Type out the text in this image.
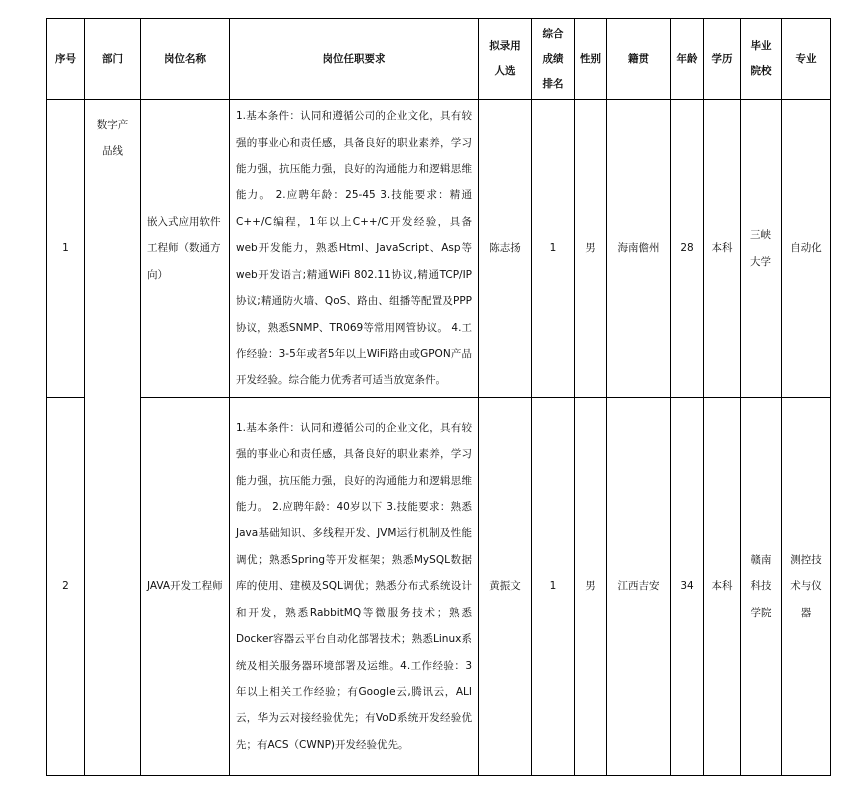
序号	部门	岗位名称	岗位任职要求	拟录用人选	综合成绩排名	性别	籍贯	年龄	学历	毕业院校	专业
1	数字产品线	嵌入式应用软件工程师（数通方向）	1.基本条件：认同和遵循公司的企业文化，具有较强的事业心和责任感，具备良好的职业素养，学习能力强，抗压能力强，良好的沟通能力和逻辑思维能力。 2.应聘年龄：25-45 3.技能要求：精通C++/C编程，1年以上C++/C开发经验，具备web开发能力，熟悉Html、JavaScript、Asp等web开发语言;精通WiFi 802.11协议,精通TCP/IP协议;精通防火墙、QoS、路由、组播等配置及PPP协议，熟悉SNMP、TR069等常用网管协议。 4.工作经验：3-5年或者5年以上WiFi路由或GPON产品开发经验。综合能力优秀者可适当放宽条件。	陈志扬	1	男	海南儋州	28	本科	三峡大学	自动化
2		JAVA开发工程师	1.基本条件：认同和遵循公司的企业文化，具有较强的事业心和责任感，具备良好的职业素养，学习能力强，抗压能力强，良好的沟通能力和逻辑思维能力。 2.应聘年龄：40岁以下 3.技能要求：熟悉Java基础知识、多线程开发、JVM运行机制及性能调优；熟悉Spring等开发框架；熟悉MySQL数据库的使用、建模及SQL调优；熟悉分布式系统设计和开发，熟悉RabbitMQ等微服务技术；熟悉Docker容器云平台自动化部署技术；熟悉Linux系统及相关服务器环境部署及运维。4.工作经验：3年以上相关工作经验；有Google云,腾讯云，ALI云，华为云对接经验优先；有VoD系统开发经验优先；有ACS（CWNP)开发经验优先。	黄振文	1	男	江西吉安	34	本科	赣南科技学院	测控技术与仪器
